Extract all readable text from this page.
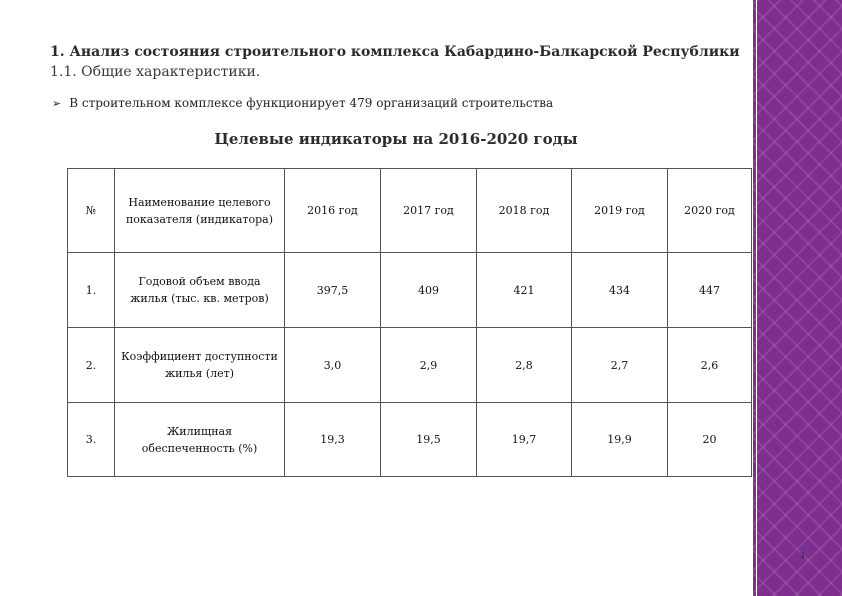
1. Анализ состояния строительного комплекса Кабардино-Балкарской Республики
1.1. Общие характеристики.
➢ В строительном комплексе функционирует 479 организаций строительства
Целевые индикаторы на 2016-2020 годы
№	Наименование целевого показателя (индикатора)	2016 год	2017 год	2018 год	2019 год	2020 год
1.	Годовой объем ввода жилья (тыс. кв. метров)	397,5	409	421	434	447
2.	Коэффициент доступности жилья (лет)	3,0	2,9	2,8	2,7	2,6
3.	Жилищная обеспеченность (%)	19,3	19,5	19,7	19,9	20
3
